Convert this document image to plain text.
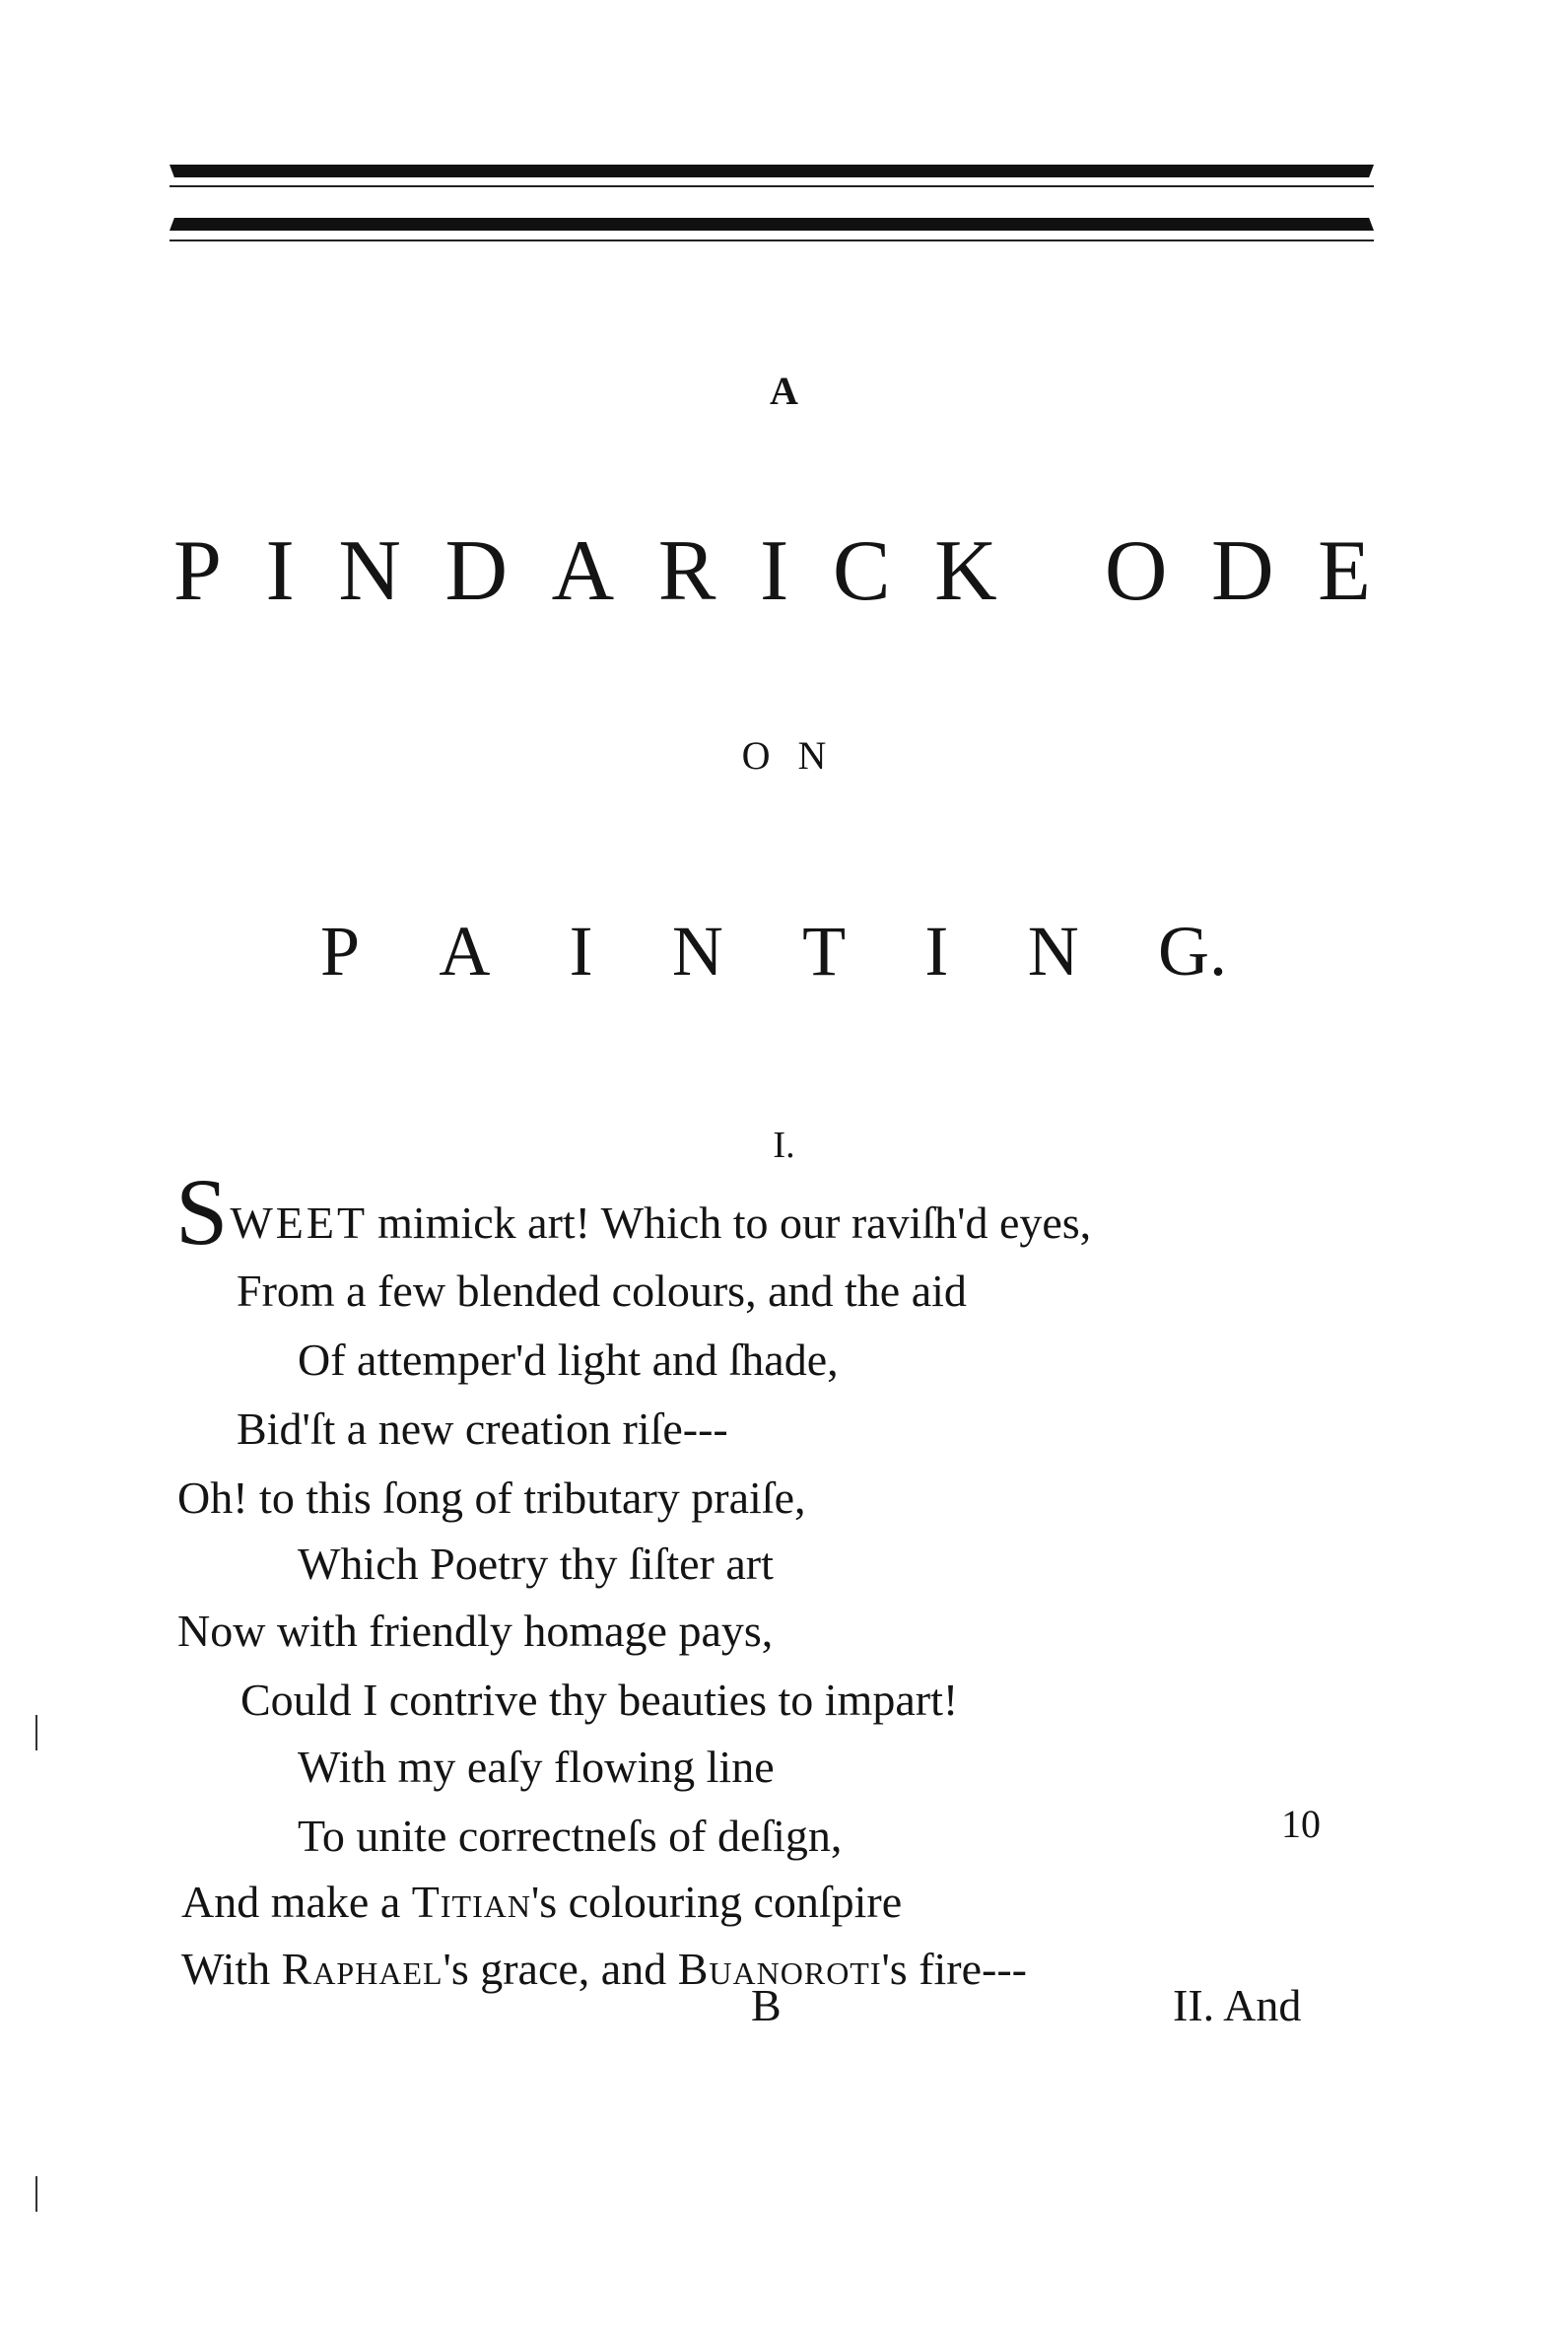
A
P I N D A R I C K O D E
ON
P A I N T I N G.
I.
SWEET mimick art! Which to our raviſh'd eyes,
From a few blended colours, and the aid
Of attemper'd light and ſhade,
Bid'ſt a new creation riſe---
Oh! to this ſong of tributary praiſe,
Which Poetry thy ſiſter art
Now with friendly homage pays,
Could I contrive thy beauties to impart!
With my eaſy flowing line
To unite correctneſs of deſign,
And make a Titian's colouring conſpire
With Raphael's grace, and Buanoroti's fire---
10
B	II. And
